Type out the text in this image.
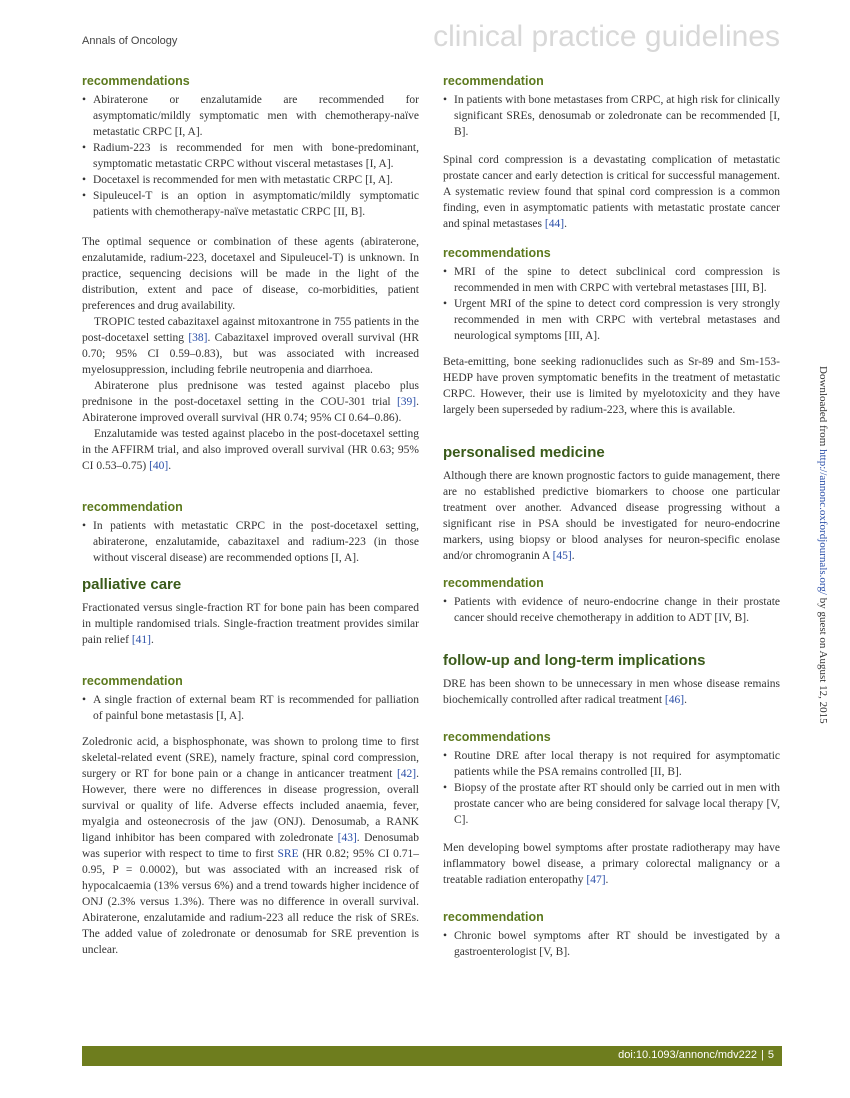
Annals of Oncology	clinical practice guidelines
recommendations
• Abiraterone or enzalutamide are recommended for asymptomatic/mildly symptomatic men with chemotherapy-naïve metastatic CRPC [I, A].
• Radium-223 is recommended for men with bone-predominant, symptomatic metastatic CRPC without visceral metastases [I, A].
• Docetaxel is recommended for men with metastatic CRPC [I, A].
• Sipuleucel-T is an option in asymptomatic/mildly symptomatic patients with chemotherapy-naïve metastatic CRPC [II, B].

The optimal sequence or combination of these agents (abiraterone, enzalutamide, radium-223, docetaxel and Sipuleucel-T) is unknown. In practice, sequencing decisions will be made in the light of the distribution, extent and pace of disease, co-morbidities, patient preferences and drug availability.

TROPIC tested cabazitaxel against mitoxantrone in 755 patients in the post-docetaxel setting [38]. Cabazitaxel improved overall survival (HR 0.70; 95% CI 0.59–0.83), but was associated with increased myelosuppression, including febrile neutropenia and diarrhoea.

Abiraterone plus prednisone was tested against placebo plus prednisone in the post-docetaxel setting in the COU-301 trial [39]. Abiraterone improved overall survival (HR 0.74; 95% CI 0.64–0.86).

Enzalutamide was tested against placebo in the post-docetaxel setting in the AFFIRM trial, and also improved overall survival (HR 0.63; 95% CI 0.53–0.75) [40].

recommendation
• In patients with metastatic CRPC in the post-docetaxel setting, abiraterone, enzalutamide, cabazitaxel and radium-223 (in those without visceral disease) are recommended options [I, A].
palliative care

Fractionated versus single-fraction RT for bone pain has been compared in multiple randomised trials. Single-fraction treatment provides similar pain relief [41].

recommendation
• A single fraction of external beam RT is recommended for palliation of painful bone metastasis [I, A].

Zoledronic acid, a bisphosphonate, was shown to prolong time to first skeletal-related event (SRE), namely fracture, spinal cord compression, surgery or RT for bone pain or a change in anticancer treatment [42]. However, there were no differences in disease progression, overall survival or quality of life. Adverse effects included anaemia, fever, myalgia and osteonecrosis of the jaw (ONJ). Denosumab, a RANK ligand inhibitor has been compared with zoledronate [43]. Denosumab was superior with respect to time to first SRE (HR 0.82; 95% CI 0.71–0.95, P = 0.0002), but was associated with an increased risk of hypocalcaemia (13% versus 6%) and a trend towards higher incidence of ONJ (2.3% versus 1.3%). There was no difference in overall survival. Abiraterone, enzalutamide and radium-223 all reduce the risk of SREs. The added value of zoledronate or denosumab for SRE prevention is unclear.

recommendation
• In patients with bone metastases from CRPC, at high risk for clinically significant SREs, denosumab or zoledronate can be recommended [I, B].

Spinal cord compression is a devastating complication of metastatic prostate cancer and early detection is critical for successful management. A systematic review found that spinal cord compression is a common finding, even in asymptomatic patients with metastatic prostate cancer and spinal metastases [44].

recommendations
• MRI of the spine to detect subclinical cord compression is recommended in men with CRPC with vertebral metastases [III, B].
• Urgent MRI of the spine to detect cord compression is very strongly recommended in men with CRPC with vertebral metastases and neurological symptoms [III, A].

Beta-emitting, bone seeking radionuclides such as Sr-89 and Sm-153-HEDP have proven symptomatic benefits in the treatment of metastatic CRPC. However, their use is limited by myelotoxicity and they have largely been superseded by radium-223, where this is available.

personalised medicine

Although there are known prognostic factors to guide management, there are no established predictive biomarkers to choose one particular treatment over another. Advanced disease progressing without a significant rise in PSA should be investigated for neuro-endocrine markers, using biopsy or blood analyses for neuron-specific enolase and/or chromogranin A [45].

recommendation
• Patients with evidence of neuro-endocrine change in their prostate cancer should receive chemotherapy in addition to ADT [IV, B].
follow-up and long-term implications

DRE has been shown to be unnecessary in men whose disease remains biochemically controlled after radical treatment [46].

recommendations
• Routine DRE after local therapy is not required for asymptomatic patients while the PSA remains controlled [II, B].
• Biopsy of the prostate after RT should only be carried out in men with prostate cancer who are being considered for salvage local therapy [V, C].

Men developing bowel symptoms after prostate radiotherapy may have inflammatory bowel disease, a primary colorectal malignancy or a treatable radiation enteropathy [47].

recommendation
• Chronic bowel symptoms after RT should be investigated by a gastroenterologist [V, B].
Downloaded from http://annonc.oxfordjournals.org/ by guest on August 12, 2015
doi:10.1093/annonc/mdv222 | 5
